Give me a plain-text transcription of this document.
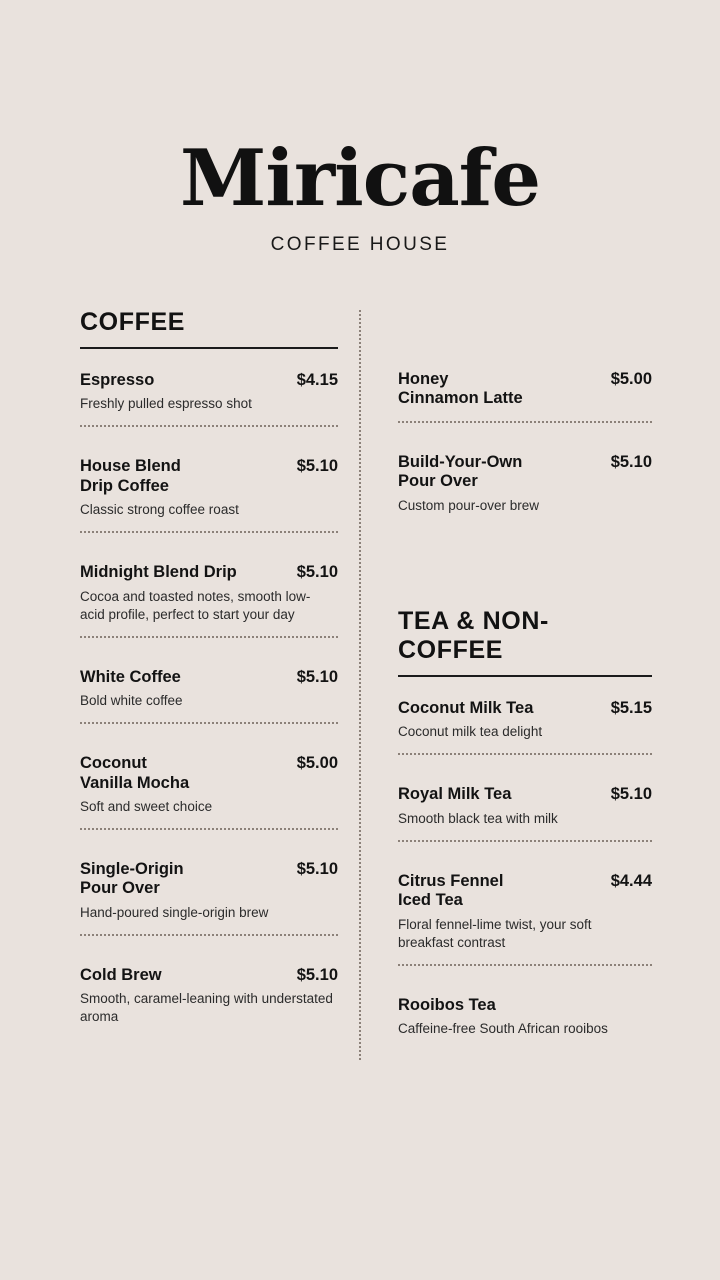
Miricafe
COFFEE HOUSE
COFFEE
Espresso	$4.15
Freshly pulled espresso shot
House Blend
Drip Coffee
$5.10
Classic strong coffee roast
Midnight Blend Drip	$5.10
Cocoa and toasted notes, smooth low-acid profile, perfect to start your day
White Coffee	$5.10
Bold white coffee
Coconut
Vanilla Mocha
$5.00
Soft and sweet choice
Single-Origin
Pour Over
$5.10
Hand-poured single-origin brew
Cold Brew	$5.10
Smooth, caramel-leaning with understated aroma
Honey
Cinnamon Latte
$5.00
Build-Your-Own
Pour Over
$5.10
Custom pour-over brew
TEA & NON-COFFEE
Coconut Milk Tea	$5.15
Coconut milk tea delight
Royal Milk Tea	$5.10
Smooth black tea with milk
Citrus Fennel
Iced Tea
$4.44
Floral fennel-lime twist, your soft breakfast contrast
Rooibos Tea
Caffeine-free South African rooibos
